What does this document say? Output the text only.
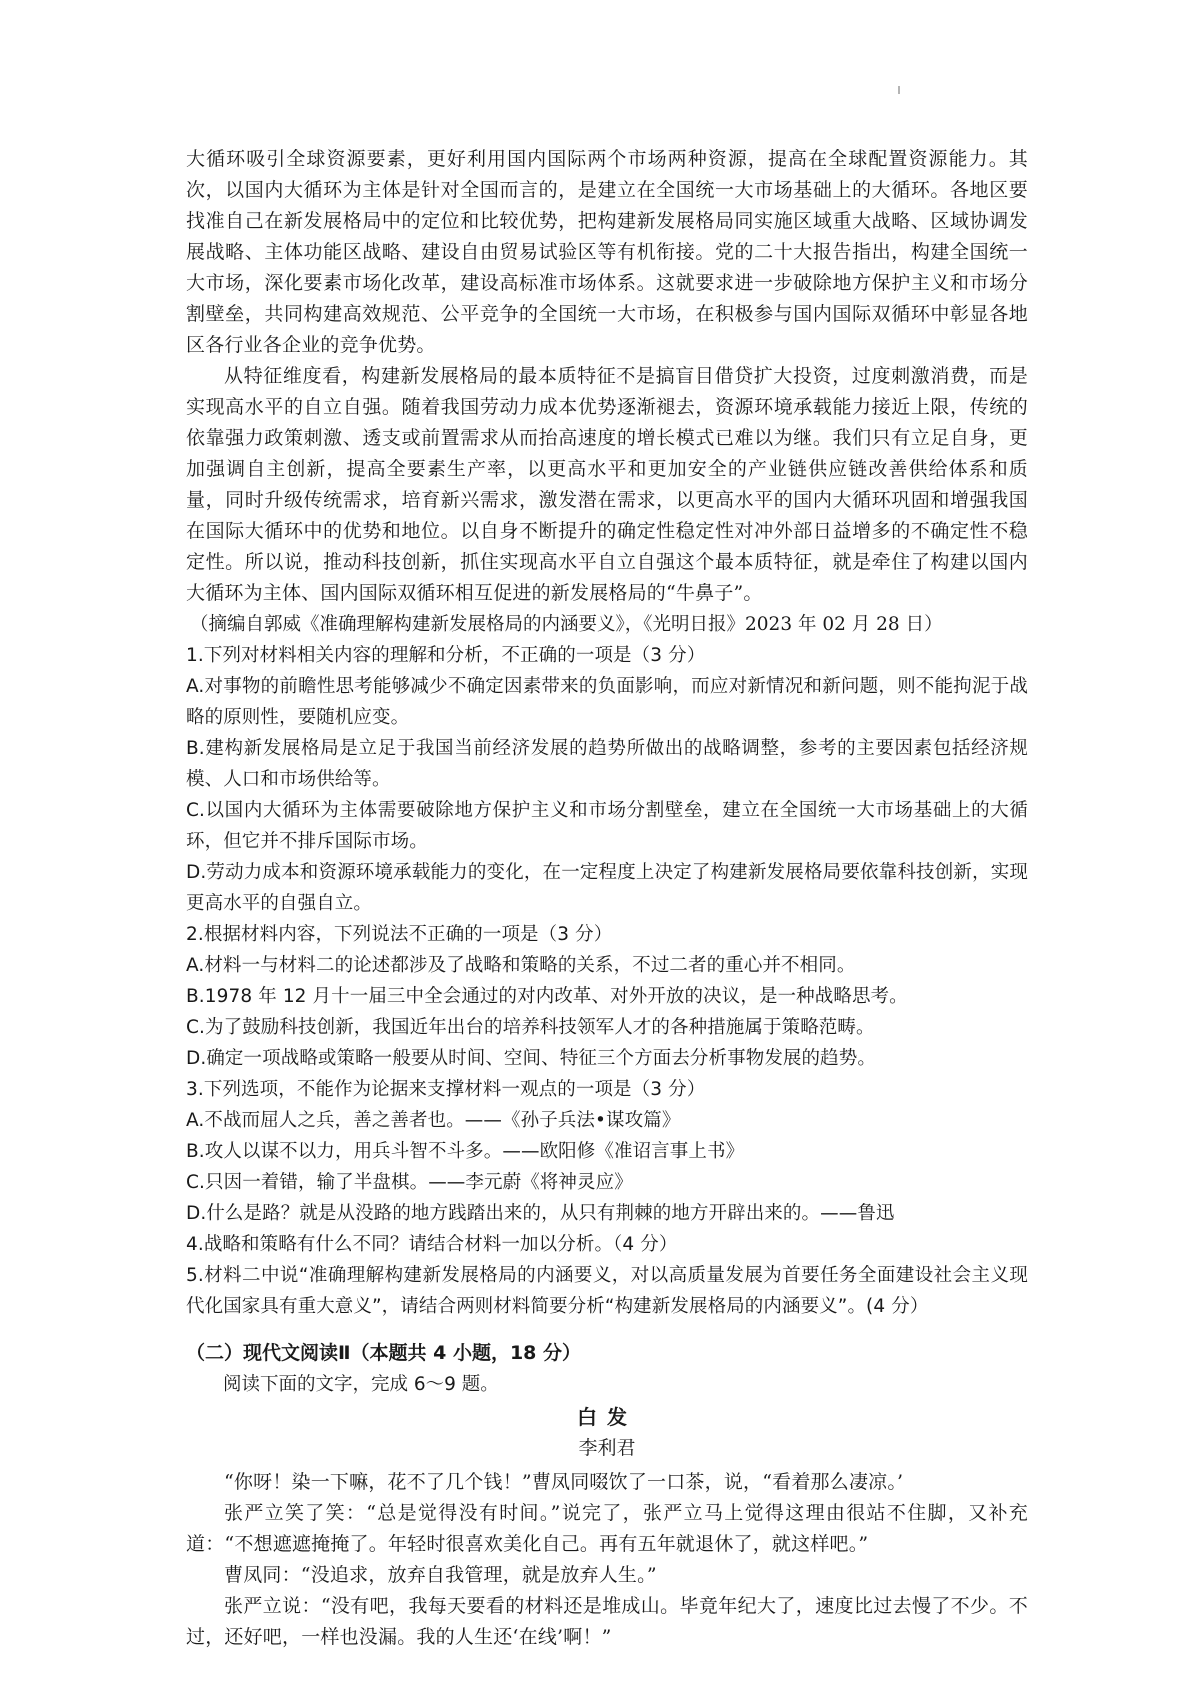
大循环吸引全球资源要素，更好利用国内国际两个市场两种资源，提高在全球配置资源能力。其次，以国内大循环为主体是针对全国而言的，是建立在全国统一大市场基础上的大循环。各地区要找准自己在新发展格局中的定位和比较优势，把构建新发展格局同实施区域重大战略、区域协调发展战略、主体功能区战略、建设自由贸易试验区等有机衔接。党的二十大报告指出，构建全国统一大市场，深化要素市场化改革，建设高标准市场体系。这就要求进一步破除地方保护主义和市场分割壁垒，共同构建高效规范、公平竞争的全国统一大市场，在积极参与国内国际双循环中彰显各地区各行业各企业的竞争优势。

从特征维度看，构建新发展格局的最本质特征不是搞盲目借贷扩大投资，过度刺激消费，而是实现高水平的自立自强。随着我国劳动力成本优势逐渐褪去，资源环境承载能力接近上限，传统的依靠强力政策刺激、透支或前置需求从而抬高速度的增长模式已难以为继。我们只有立足自身，更加强调自主创新，提高全要素生产率，以更高水平和更加安全的产业链供应链改善供给体系和质量，同时升级传统需求，培育新兴需求，激发潜在需求，以更高水平的国内大循环巩固和增强我国在国际大循环中的优势和地位。以自身不断提升的确定性稳定性对冲外部日益增多的不确定性不稳定性。所以说，推动科技创新，抓住实现高水平自立自强这个最本质特征，就是牵住了构建以国内大循环为主体、国内国际双循环相互促进的新发展格局的“牛鼻子”。

（摘编自郭威《准确理解构建新发展格局的内涵要义》，《光明日报》2023 年 02 月 28 日）

1.下列对材料相关内容的理解和分析，不正确的一项是（3 分）

A.对事物的前瞻性思考能够减少不确定因素带来的负面影响，而应对新情况和新问题，则不能拘泥于战略的原则性，要随机应变。

B.建构新发展格局是立足于我国当前经济发展的趋势所做出的战略调整，参考的主要因素包括经济规模、人口和市场供给等。

C.以国内大循环为主体需要破除地方保护主义和市场分割壁垒，建立在全国统一大市场基础上的大循环，但它并不排斥国际市场。

D.劳动力成本和资源环境承载能力的变化，在一定程度上决定了构建新发展格局要依靠科技创新，实现更高水平的自强自立。

2.根据材料内容，下列说法不正确的一项是（3 分）

A.材料一与材料二的论述都涉及了战略和策略的关系，不过二者的重心并不相同。

B.1978 年 12 月十一届三中全会通过的对内改革、对外开放的决议，是一种战略思考。

C.为了鼓励科技创新，我国近年出台的培养科技领军人才的各种措施属于策略范畴。

D.确定一项战略或策略一般要从时间、空间、特征三个方面去分析事物发展的趋势。

3.下列选项，不能作为论据来支撑材料一观点的一项是（3 分）

A.不战而屈人之兵，善之善者也。——《孙子兵法•谋攻篇》

B.攻人以谋不以力，用兵斗智不斗多。——欧阳修《准诏言事上书》

C.只因一着错，输了半盘棋。——李元蔚《将神灵应》

D.什么是路？就是从没路的地方践踏出来的，从只有荆棘的地方开辟出来的。——鲁迅

4.战略和策略有什么不同？请结合材料一加以分析。（4 分）

5.材料二中说“准确理解构建新发展格局的内涵要义，对以高质量发展为首要任务全面建设社会主义现代化国家具有重大意义”，请结合两则材料简要分析“构建新发展格局的内涵要义”。(4 分）

（二）现代文阅读Ⅱ（本题共 4 小题，18 分）

阅读下面的文字，完成 6～9 题。

白发

李利君

“你呀！染一下嘛，花不了几个钱！”曹凤同啜饮了一口茶，说，“看着那么凄凉。’

张严立笑了笑：“总是觉得没有时间。”说完了，张严立马上觉得这理由很站不住脚，又补充道：“不想遮遮掩掩了。年轻时很喜欢美化自己。再有五年就退休了，就这样吧。”

曹凤同：“没追求，放弃自我管理，就是放弃人生。”

张严立说：“没有吧，我每天要看的材料还是堆成山。毕竟年纪大了，速度比过去慢了不少。不过，还好吧，一样也没漏。我的人生还‘在线’啊！”
